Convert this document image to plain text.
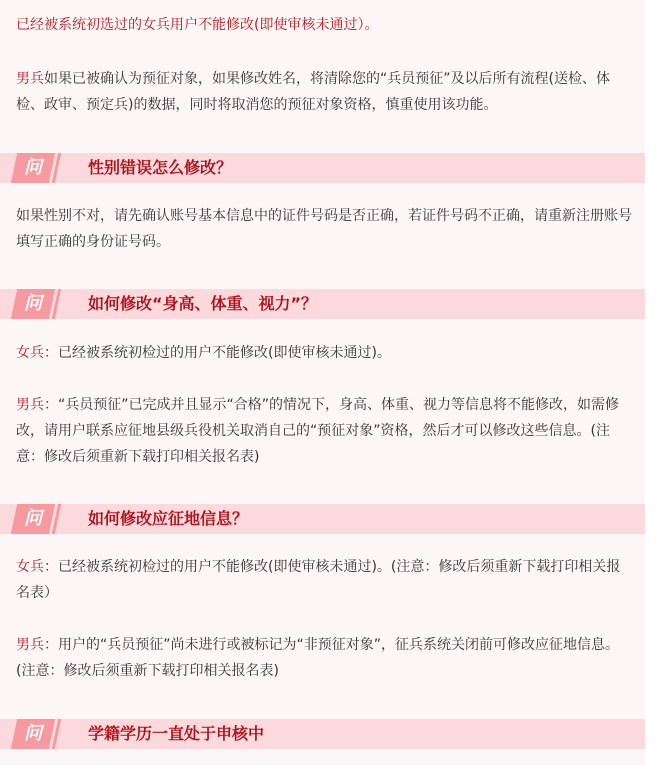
已经被系统初选过的女兵用户不能修改(即使审核未通过）。

男兵如果已被确认为预征对象，如果修改姓名，将清除您的“兵员预征”及以后所有流程(送检、体检、政审、预定兵)的数据，同时将取消您的预征对象资格，慎重使用该功能。

问	性别错误怎么修改？

如果性别不对，请先确认账号基本信息中的证件号码是否正确，若证件号码不正确，请重新注册账号填写正确的身份证号码。

问	如何修改“身高、体重、视力”？

女兵：已经被系统初检过的用户不能修改(即使审核未通过)。

男兵：“兵员预征”已完成并且显示“合格”的情况下，身高、体重、视力等信息将不能修改，如需修改，请用户联系应征地县级兵役机关取消自己的“预征对象”资格，然后才可以修改这些信息。(注意：修改后须重新下载打印相关报名表)

问	如何修改应征地信息？

女兵：已经被系统初检过的用户不能修改(即使审核未通过)。(注意：修改后须重新下载打印相关报名表）

男兵：用户的“兵员预征”尚未进行或被标记为“非预征对象”，征兵系统关闭前可修改应征地信息。(注意：修改后须重新下载打印相关报名表)

问	学籍学历一直处于申核中
